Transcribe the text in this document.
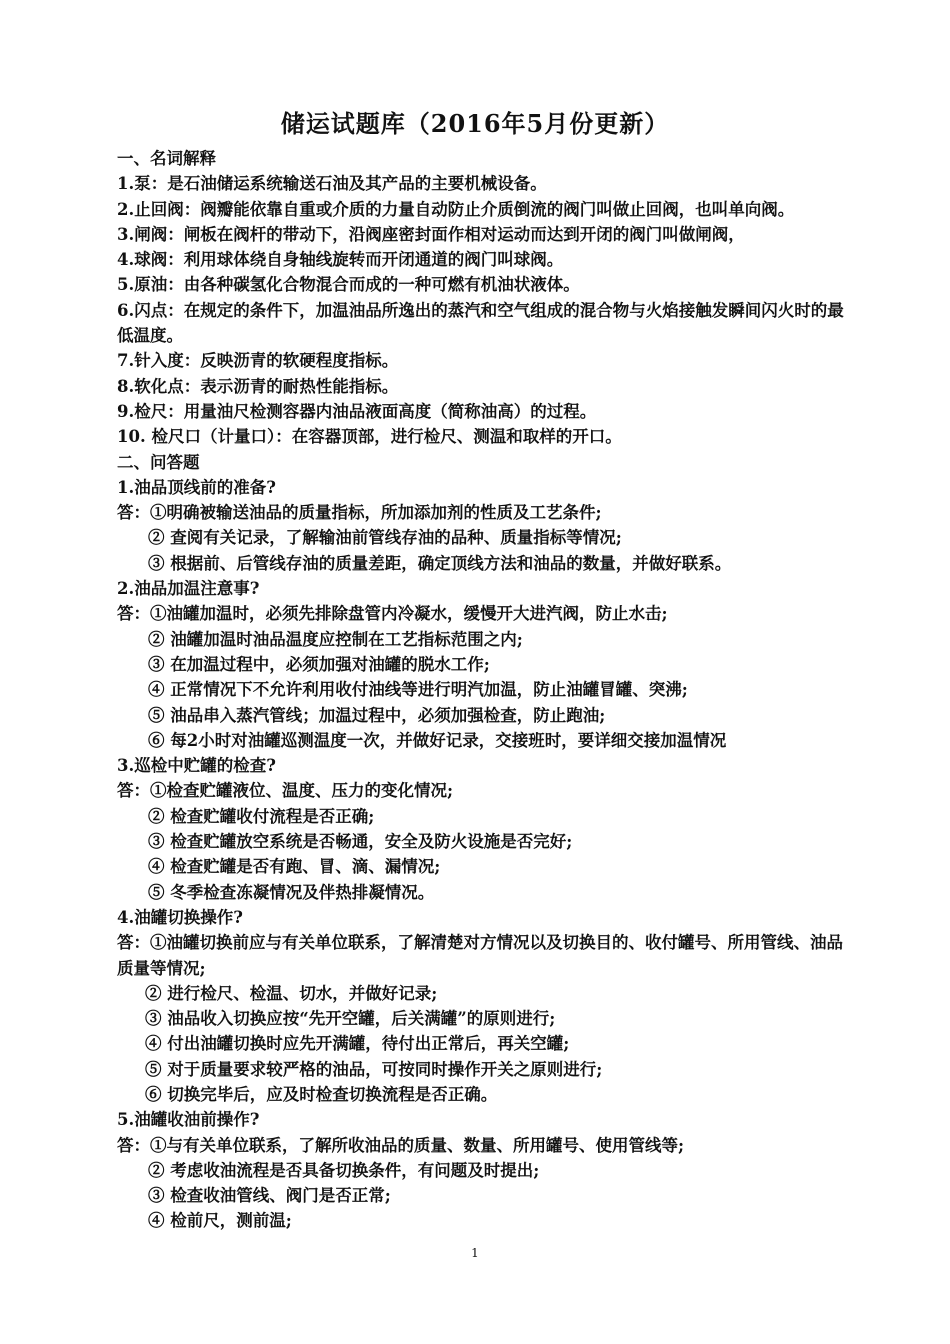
储运试题库（2016年5月份更新）
一、名词解释
1.泵：是石油储运系统输送石油及其产品的主要机械设备。
2.止回阀：阀瓣能依靠自重或介质的力量自动防止介质倒流的阀门叫做止回阀，也叫单向阀。
3.闸阀：闸板在阀杆的带动下，沿阀座密封面作相对运动而达到开闭的阀门叫做闸阀，
4.球阀：利用球体绕自身轴线旋转而开闭通道的阀门叫球阀。
5.原油：由各种碳氢化合物混合而成的一种可燃有机油状液体。
6.闪点：在规定的条件下，加温油品所逸出的蒸汽和空气组成的混合物与火焰接触发瞬间闪火时的最低温度。
7.针入度：反映沥青的软硬程度指标。
8.软化点：表示沥青的耐热性能指标。
9.检尺：用量油尺检测容器内油品液面高度（简称油高）的过程。
10. 检尺口（计量口）：在容器顶部，进行检尺、测温和取样的开口。
二、问答题
1.油品顶线前的准备?
答：①明确被输送油品的质量指标，所加添加剂的性质及工艺条件;
② 查阅有关记录，了解输油前管线存油的品种、质量指标等情况;
③ 根据前、后管线存油的质量差距，确定顶线方法和油品的数量，并做好联系。
2.油品加温注意事?
答：①油罐加温时，必须先排除盘管内冷凝水，缓慢开大进汽阀，防止水击;
② 油罐加温时油品温度应控制在工艺指标范围之内;
③ 在加温过程中，必须加强对油罐的脱水工作;
④ 正常情况下不允许利用收付油线等进行明汽加温，防止油罐冒罐、突沸;
⑤ 油品串入蒸汽管线；加温过程中，必须加强检查，防止跑油;
⑥ 每2小时对油罐巡测温度一次，并做好记录，交接班时，要详细交接加温情况
3.巡检中贮罐的检查?
答：①检查贮罐液位、温度、压力的变化情况;
② 检查贮罐收付流程是否正确;
③ 检查贮罐放空系统是否畅通，安全及防火设施是否完好;
④ 检查贮罐是否有跑、冒、滴、漏情况;
⑤ 冬季检查冻凝情况及伴热排凝情况。
4.油罐切换操作?
答：①油罐切换前应与有关单位联系，了解清楚对方情况以及切换目的、收付罐号、所用管线、油品质量等情况;
② 进行检尺、检温、切水，并做好记录;
③ 油品收入切换应按“先开空罐，后关满罐”的原则进行;
④ 付出油罐切换时应先开满罐，待付出正常后，再关空罐;
⑤ 对于质量要求较严格的油品，可按同时操作开关之原则进行;
⑥ 切换完毕后，应及时检查切换流程是否正确。
5.油罐收油前操作?
答：①与有关单位联系，了解所收油品的质量、数量、所用罐号、使用管线等;
② 考虑收油流程是否具备切换条件，有问题及时提出;
③ 检查收油管线、阀门是否正常;
④ 检前尺，测前温;
1
